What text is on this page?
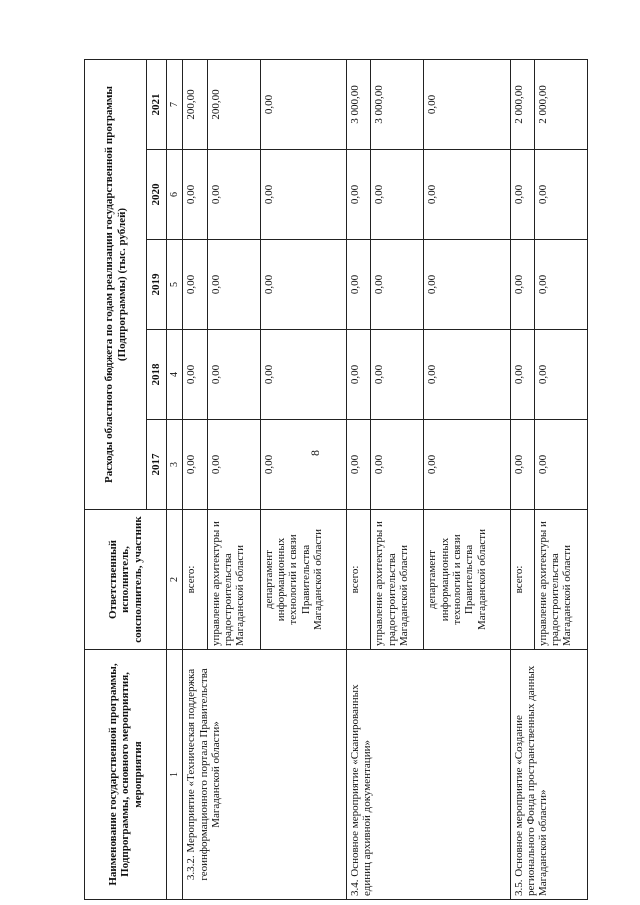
8
Наименование государственной программы, Подпрограммы, основного мероприятия, мероприятия	Ответственный исполнитель, соисполнитель, участник	Расходы областного бюджета по годам реализации государственной программы (Подпрограммы) (тыс. рублей)				
		2017	2018	2019	2020	2021
1	2	3	4	5	6	7
3.3.2. Мероприятие «Техническая поддержка геоинформационного портала Правительства Магаданской области»	всего:	0,00	0,00	0,00	0,00	200,00
	управление архитектуры и градостроительства Магаданской области	0,00	0,00	0,00	0,00	200,00
	департамент информационных технологий и связи Правительства Магаданской области	0,00	0,00	0,00	0,00	0,00
3.4. Основное мероприятие «Сканированных единиц архивной документации»	всего:	0,00	0,00	0,00	0,00	3 000,00
	управление архитектуры и градостроительства Магаданской области	0,00	0,00	0,00	0,00	3 000,00
	департамент информационных технологий и связи Правительства Магаданской области	0,00	0,00	0,00	0,00	0,00
3.5. Основное мероприятие «Создание регионального Фонда пространственных данных Магаданской области»	всего:	0,00	0,00	0,00	0,00	2 000,00
	управление архитектуры и градостроительства Магаданской области	0,00	0,00	0,00	0,00	2 000,00
